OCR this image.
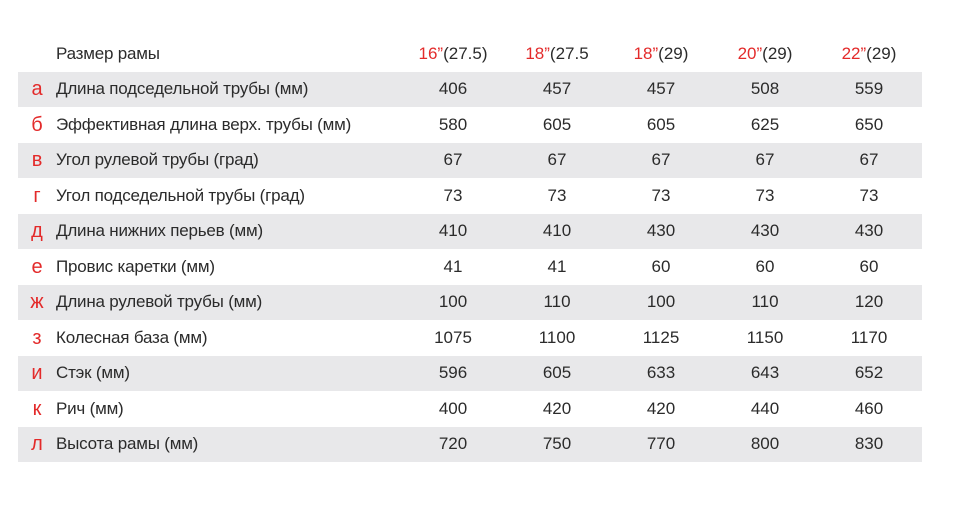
Размер рамы	16”(27.5)	18”(27.5	18”(29)	20”(29)	22”(29)
а Длина подседельной трубы (мм)	406	457	457	508	559
б Эффективная длина верх. трубы (мм)	580	605	605	625	650
в Угол рулевой трубы (град)	67	67	67	67	67
г Угол подседельной трубы (град)	73	73	73	73	73
д Длина нижних перьев (мм)	410	410	430	430	430
е Провис каретки (мм)	41	41	60	60	60
ж Длина рулевой трубы (мм)	100	110	100	110	120
з Колесная база (мм)	1075	1100	1125	1150	1170
и Стэк (мм)	596	605	633	643	652
к Рич (мм)	400	420	420	440	460
л Высота рамы (мм)	720	750	770	800	830
